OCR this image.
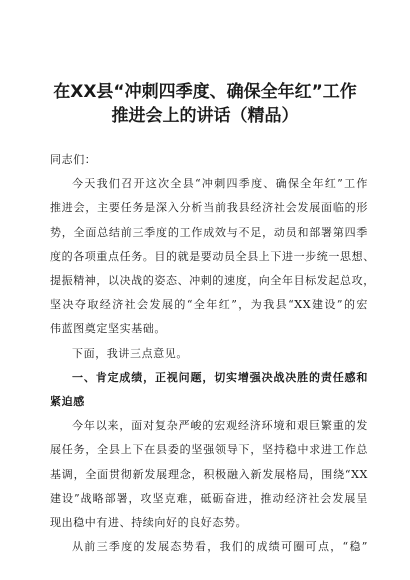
在XX县“冲刺四季度、确保全年红”工作
推进会上的讲话（精品）

同志们：

今天我们召开这次全县“冲刺四季度、确保全年红”工作
推进会，主要任务是深入分析当前我县经济社会发展面临的形
势，全面总结前三季度的工作成效与不足，动员和部署第四季
度的各项重点任务。目的就是要动员全县上下进一步统一思想、
提振精神，以决战的姿态、冲刺的速度，向全年目标发起总攻，
坚决夺取经济社会发展的“全年红”，为我县“XX建设”的宏
伟蓝图奠定坚实基础。

下面，我讲三点意见。

一、肯定成绩，正视问题，切实增强决战决胜的责任感和
紧迫感

今年以来，面对复杂严峻的宏观经济环境和艰巨繁重的发
展任务，全县上下在县委的坚强领导下，坚持稳中求进工作总
基调，全面贯彻新发展理念，积极融入新发展格局，围绕“XX
建设”战略部署，攻坚克难，砥砺奋进，推动经济社会发展呈
现出稳中有进、持续向好的良好态势。

从前三季度的发展态势看，我们的成绩可圈可点，“稳”
